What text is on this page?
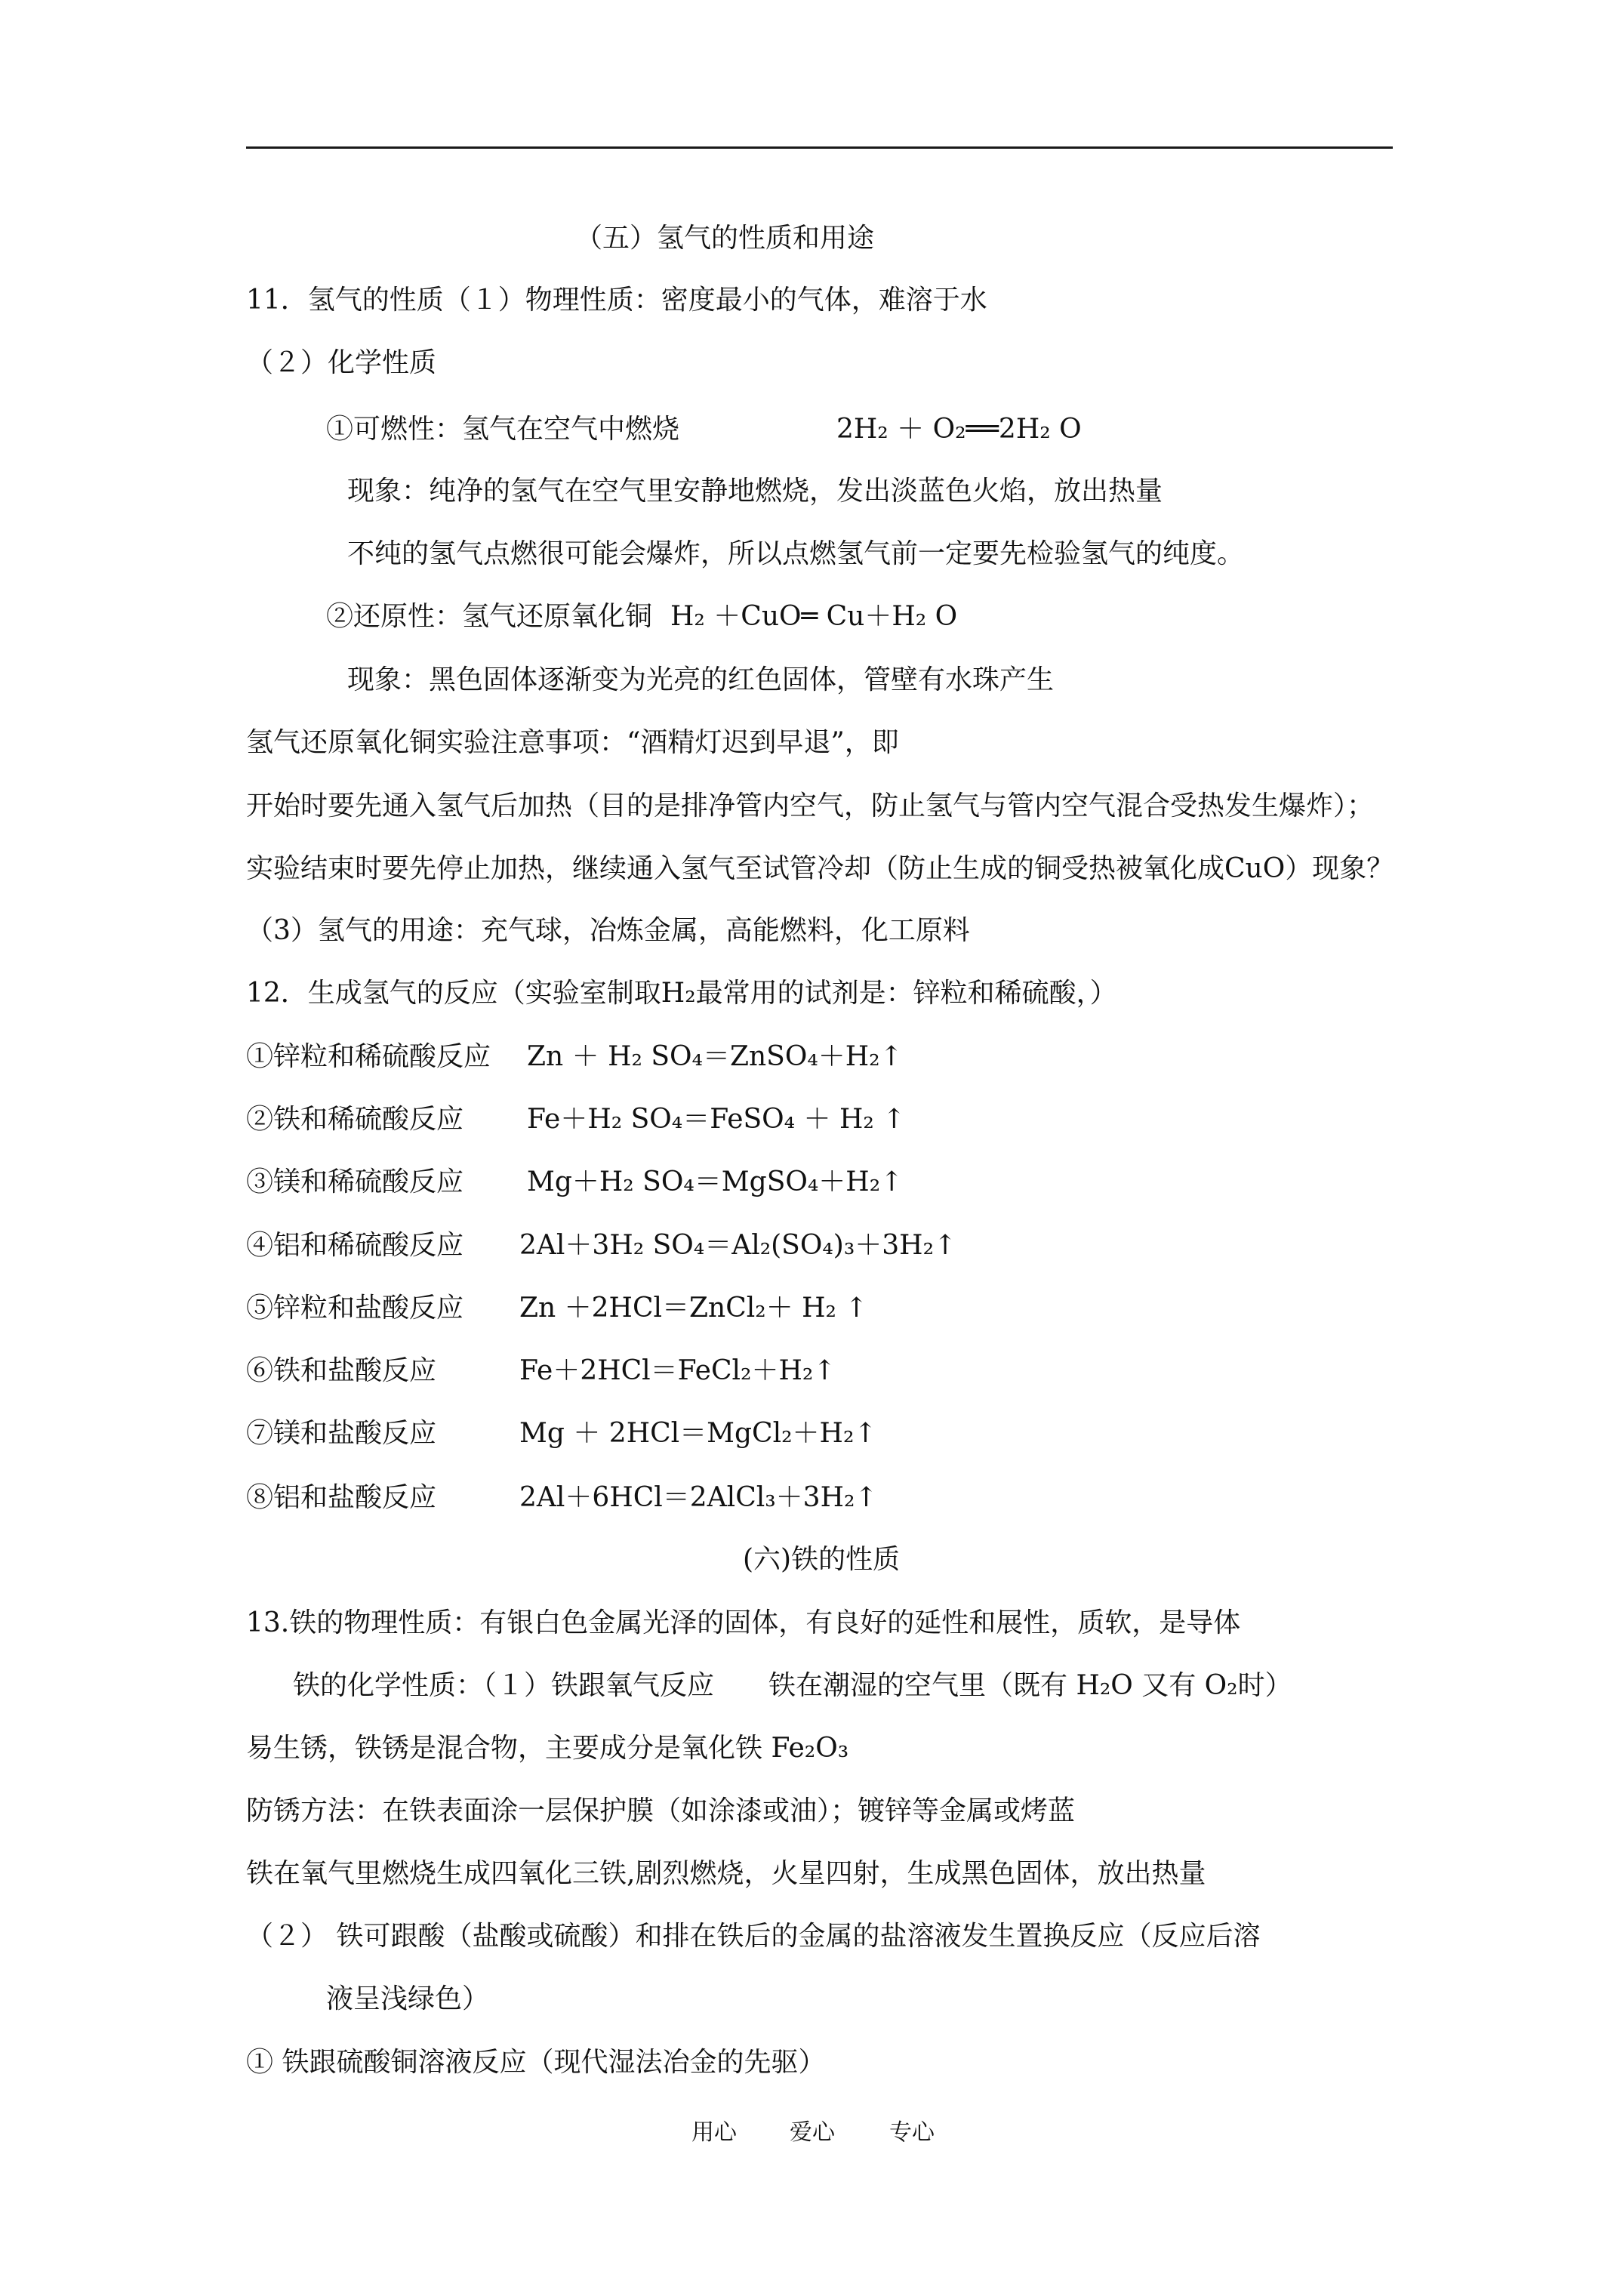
（五）氢气的性质和用途
11．氢气的性质（１）物理性质：密度最小的气体，难溶于水
（２）化学性质
①可燃性：氢气在空气中燃烧	2H₂ ＋ O₂══2H₂ O
现象：纯净的氢气在空气里安静地燃烧，发出淡蓝色火焰，放出热量
不纯的氢气点燃很可能会爆炸，所以点燃氢气前一定要先检验氢气的纯度。
②还原性：氢气还原氧化铜 H₂ ＋CuO═ Cu＋H₂ O
现象：黑色固体逐渐变为光亮的红色固体，管壁有水珠产生
氢气还原氧化铜实验注意事项：“酒精灯迟到早退”，即
开始时要先通入氢气后加热（目的是排净管内空气，防止氢气与管内空气混合受热发生爆炸）；
实验结束时要先停止加热，继续通入氢气至试管冷却（防止生成的铜受热被氧化成CuO）现象？
（3）氢气的用途：充气球，冶炼金属，高能燃料，化工原料
12．生成氢气的反应（实验室制取H₂最常用的试剂是：锌粒和稀硫酸，）
①锌粒和稀硫酸反应 Zn ＋ H₂ SO₄＝ZnSO₄＋H₂↑
②铁和稀硫酸反应 Fe＋H₂ SO₄＝FeSO₄ ＋ H₂ ↑
③镁和稀硫酸反应 Mg＋H₂ SO₄＝MgSO₄＋H₂↑
④铝和稀硫酸反应 2Al＋3H₂ SO₄＝Al₂(SO₄)₃＋3H₂↑
⑤锌粒和盐酸反应 Zn ＋2HCl＝ZnCl₂＋ H₂ ↑
⑥铁和盐酸反应	Fe＋2HCl＝FeCl₂＋H₂↑
⑦镁和盐酸反应	Mg ＋ 2HCl＝MgCl₂＋H₂↑
⑧铝和盐酸反应	2Al＋6HCl＝2AlCl₃＋3H₂↑
(六)铁的性质
13.铁的物理性质：有银白色金属光泽的固体，有良好的延性和展性，质软，是导体
铁的化学性质：（１）铁跟氧气反应　　铁在潮湿的空气里（既有 H₂O 又有 O₂时）
易生锈，铁锈是混合物，主要成分是氧化铁 Fe₂O₃
防锈方法：在铁表面涂一层保护膜（如涂漆或油）；镀锌等金属或烤蓝
铁在氧气里燃烧生成四氧化三铁,剧烈燃烧，火星四射，生成黑色固体，放出热量
（２） 铁可跟酸（盐酸或硫酸）和排在铁后的金属的盐溶液发生置换反应（反应后溶
液呈浅绿色）
① 铁跟硫酸铜溶液反应（现代湿法冶金的先驱）
用心 爱心 专心
